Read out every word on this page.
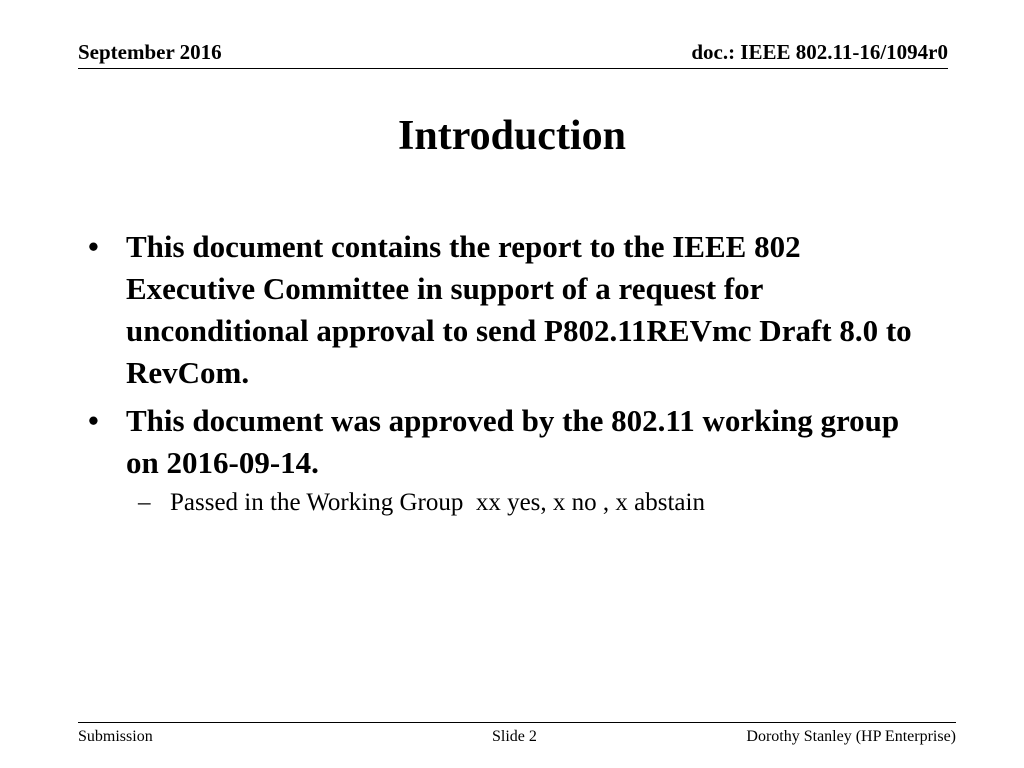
September 2016	doc.: IEEE 802.11-16/1094r0
Introduction
• This document contains the report to the IEEE 802 Executive Committee in support of a request for unconditional approval to send P802.11REVmc Draft 8.0 to RevCom.
• This document was approved by the 802.11 working group on 2016-09-14.
– Passed in the Working Group  xx yes, x no , x abstain
Submission	Slide 2	Dorothy Stanley (HP Enterprise)
